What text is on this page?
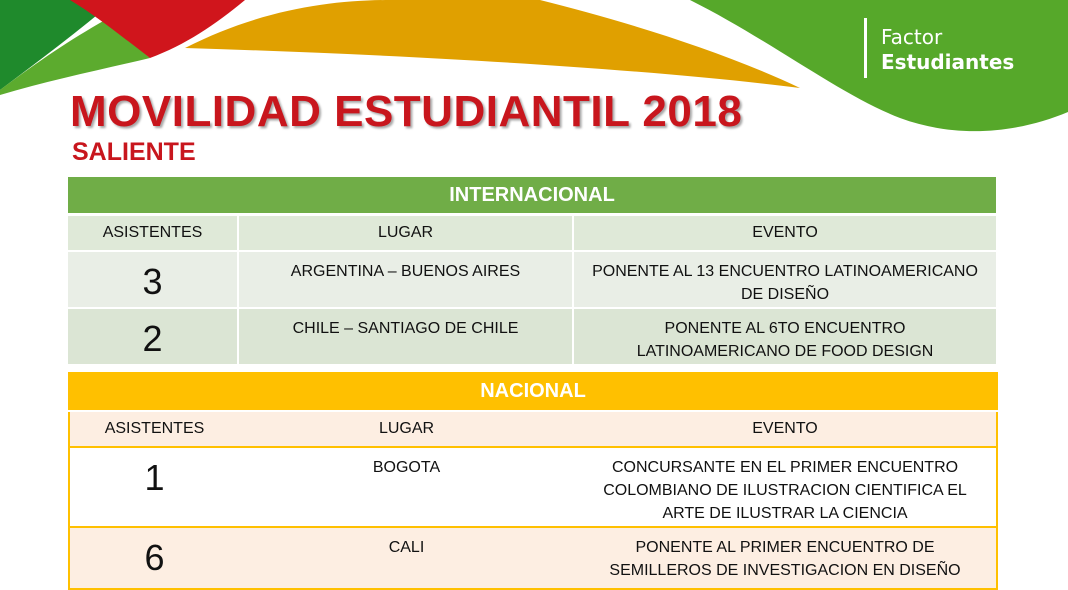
Factor
Estudiantes
MOVILIDAD ESTUDIANTIL 2018
SALIENTE
INTERNACIONAL		
ASISTENTES	LUGAR	EVENTO

3	ARGENTINA – BUENOS AIRES	PONENTE AL 13 ENCUENTRO LATINOAMERICANO DE DISEÑO

2	CHILE – SANTIAGO DE CHILE	PONENTE AL 6TO ENCUENTRO LATINOAMERICANO DE FOOD DESIGN
NACIONAL		
ASISTENTES	LUGAR	EVENTO

1	BOGOTA	CONCURSANTE EN EL PRIMER ENCUENTRO COLOMBIANO DE ILUSTRACION CIENTIFICA EL ARTE DE ILUSTRAR LA CIENCIA

6	CALI	PONENTE AL PRIMER ENCUENTRO DE SEMILLEROS DE INVESTIGACION EN DISEÑO
